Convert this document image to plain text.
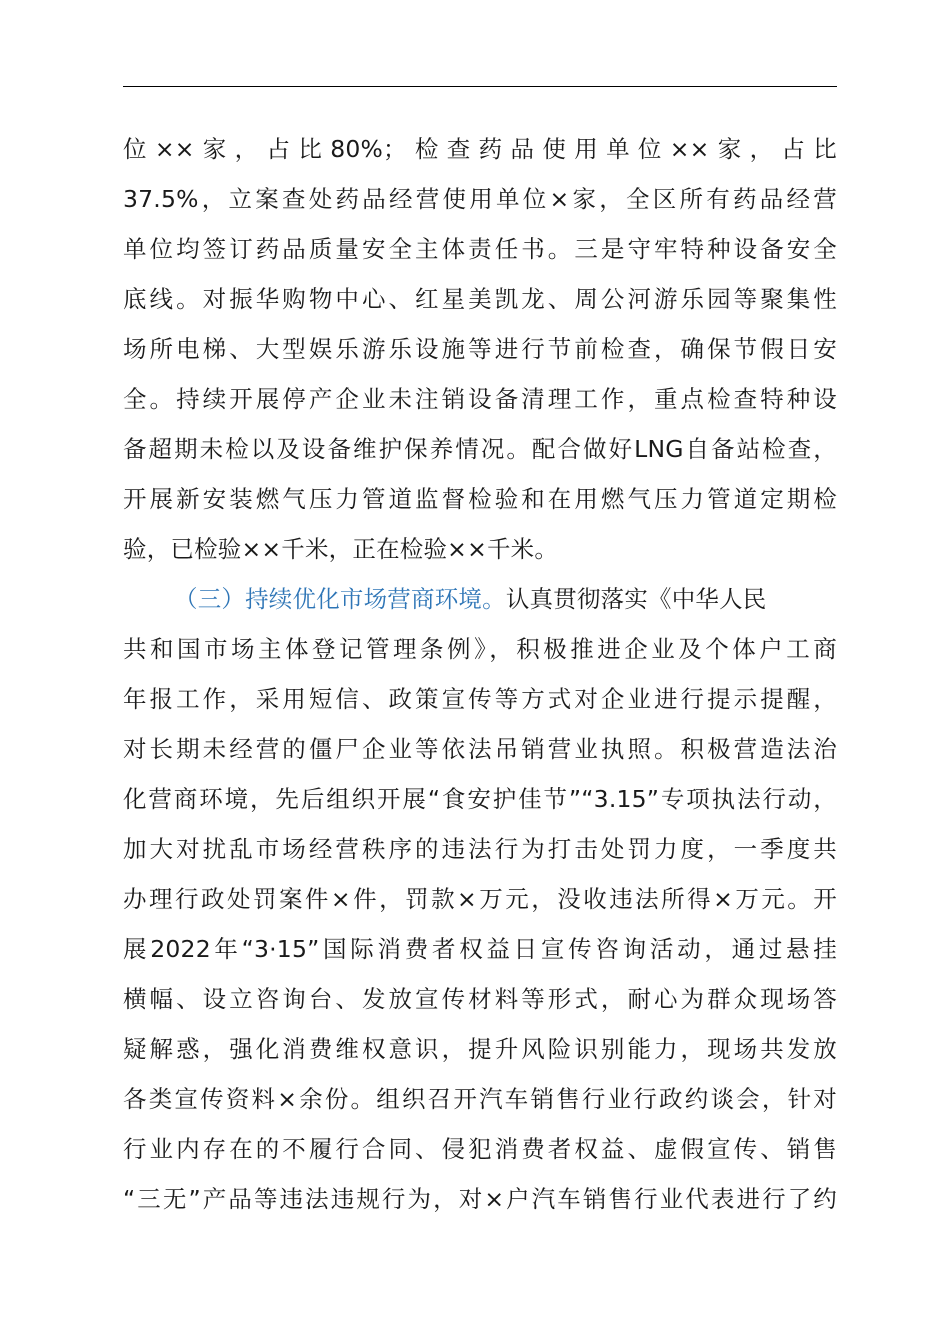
位××家，占比80%；检查药品使用单位××家，占比
37.5%，立案查处药品经营使用单位×家，全区所有药品经营
单位均签订药品质量安全主体责任书。三是守牢特种设备安全
底线。对振华购物中心、红星美凯龙、周公河游乐园等聚集性
场所电梯、大型娱乐游乐设施等进行节前检查，确保节假日安
全。持续开展停产企业未注销设备清理工作，重点检查特种设
备超期未检以及设备维护保养情况。配合做好LNG自备站检查，
开展新安装燃气压力管道监督检验和在用燃气压力管道定期检
验，已检验××千米，正在检验××千米。
（三）持续优化市场营商环境。认真贯彻落实《中华人民
共和国市场主体登记管理条例》，积极推进企业及个体户工商
年报工作，采用短信、政策宣传等方式对企业进行提示提醒，
对长期未经营的僵尸企业等依法吊销营业执照。积极营造法治
化营商环境，先后组织开展“食安护佳节”“3.15”专项执法行动，
加大对扰乱市场经营秩序的违法行为打击处罚力度，一季度共
办理行政处罚案件×件，罚款×万元，没收违法所得×万元。开
展2022年“3·15”国际消费者权益日宣传咨询活动，通过悬挂
横幅、设立咨询台、发放宣传材料等形式，耐心为群众现场答
疑解惑，强化消费维权意识，提升风险识别能力，现场共发放
各类宣传资料×余份。组织召开汽车销售行业行政约谈会，针对
行业内存在的不履行合同、侵犯消费者权益、虚假宣传、销售
“三无”产品等违法违规行为，对×户汽车销售行业代表进行了约
